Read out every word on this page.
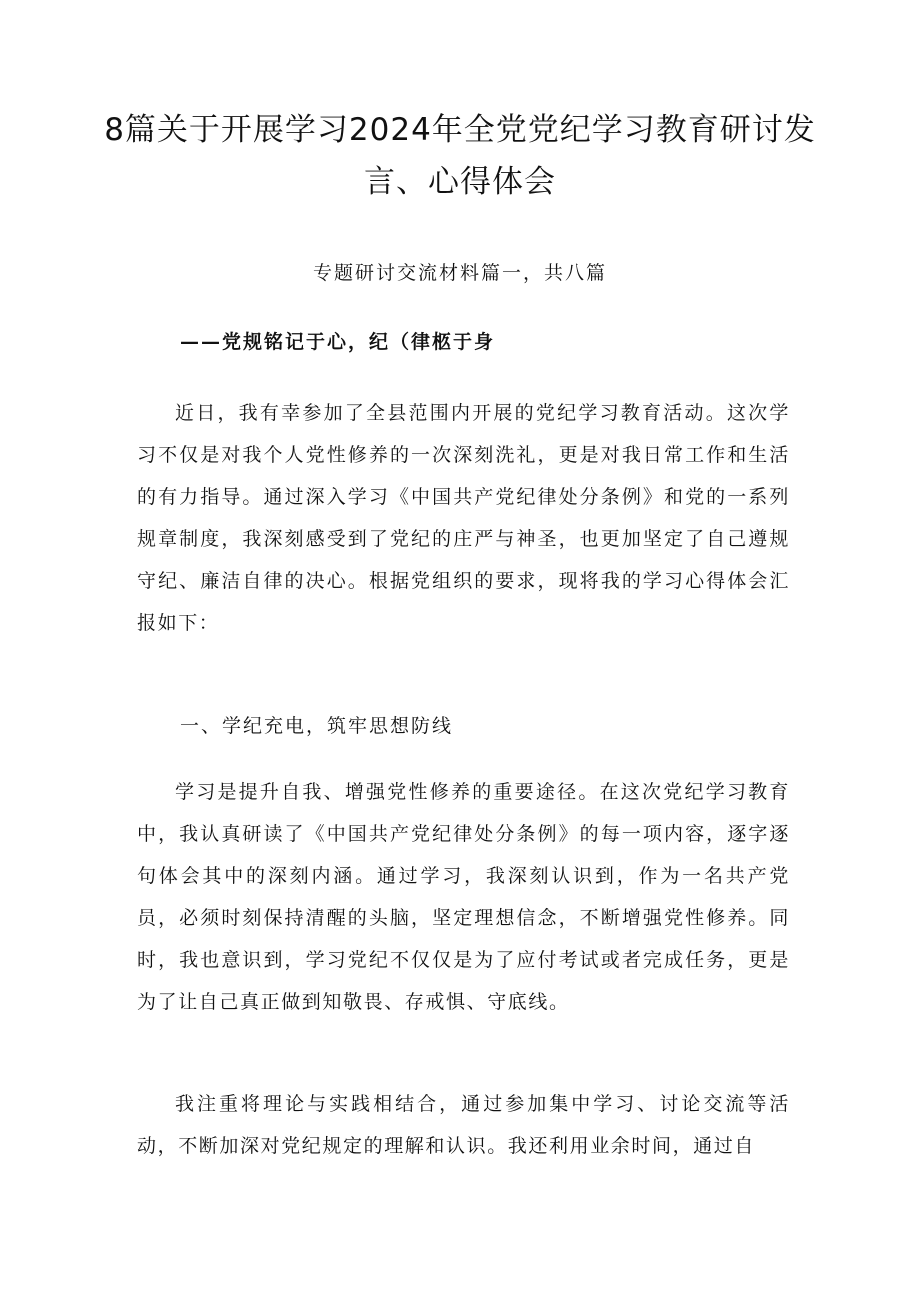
8篇关于开展学习2024年全党党纪学习教育研讨发言、心得体会

专题研讨交流材料篇一，共八篇

——党规铭记于心，纪（律柩于身

近日，我有幸参加了全县范围内开展的党纪学习教育活动。这次学习不仅是对我个人党性修养的一次深刻洗礼，更是对我日常工作和生活的有力指导。通过深入学习《中国共产党纪律处分条例》和党的一系列规章制度，我深刻感受到了党纪的庄严与神圣，也更加坚定了自己遵规守纪、廉洁自律的决心。根据党组织的要求，现将我的学习心得体会汇报如下：

一、学纪充电，筑牢思想防线

学习是提升自我、增强党性修养的重要途径。在这次党纪学习教育中，我认真研读了《中国共产党纪律处分条例》的每一项内容，逐字逐句体会其中的深刻内涵。通过学习，我深刻认识到，作为一名共产党员，必须时刻保持清醒的头脑，坚定理想信念，不断增强党性修养。同时，我也意识到，学习党纪不仅仅是为了应付考试或者完成任务，更是为了让自己真正做到知敬畏、存戒惧、守底线。

我注重将理论与实践相结合，通过参加集中学习、讨论交流等活动，不断加深对党纪规定的理解和认识。我还利用业余时间，通过自
